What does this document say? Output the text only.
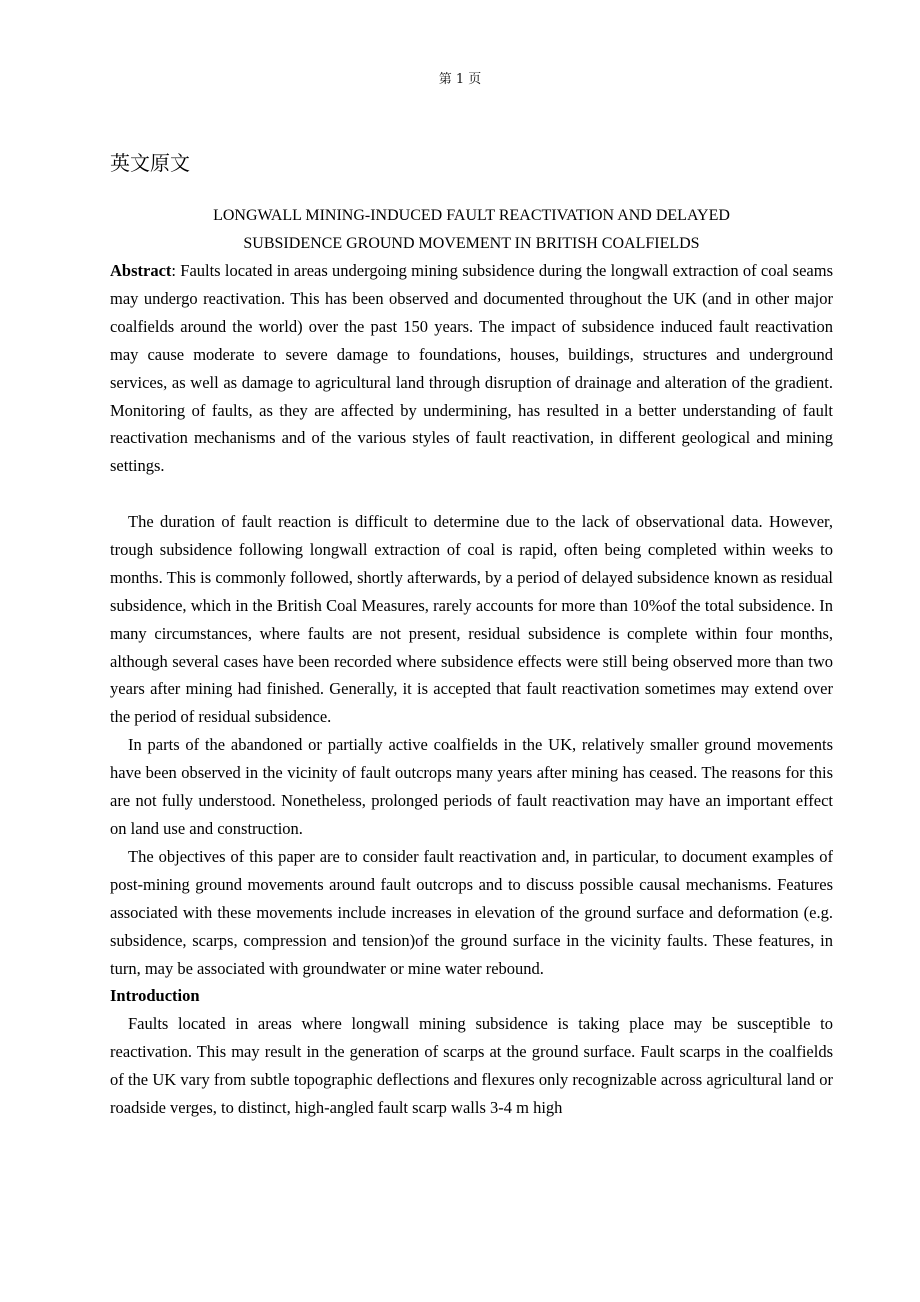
第 1 页
英文原文
LONGWALL MINING-INDUCED FAULT REACTIVATION AND DELAYED
SUBSIDENCE GROUND MOVEMENT IN BRITISH COALFIELDS

Abstract: Faults located in areas undergoing mining subsidence during the longwall extraction of coal seams may undergo reactivation. This has been observed and documented throughout the UK (and in other major coalfields around the world) over the past 150 years. The impact of subsidence induced fault reactivation may cause moderate to severe damage to foundations, houses, buildings, structures and underground services, as well as damage to agricultural land through disruption of drainage and alteration of the gradient. Monitoring of faults, as they are affected by undermining, has resulted in a better understanding of fault reactivation mechanisms and of the various styles of fault reactivation, in different geological and mining settings.

The duration of fault reaction is difficult to determine due to the lack of observational data. However, trough subsidence following longwall extraction of coal is rapid, often being completed within weeks to months. This is commonly followed, shortly afterwards, by a period of delayed subsidence known as residual subsidence, which in the British Coal Measures, rarely accounts for more than 10%of the total subsidence. In many circumstances, where faults are not present, residual subsidence is complete within four months, although several cases have been recorded where subsidence effects were still being observed more than two years after mining had finished. Generally, it is accepted that fault reactivation sometimes may extend over the period of residual subsidence.

In parts of the abandoned or partially active coalfields in the UK, relatively smaller ground movements have been observed in the vicinity of fault outcrops many years after mining has ceased. The reasons for this are not fully understood. Nonetheless, prolonged periods of fault reactivation may have an important effect on land use and construction.

The objectives of this paper are to consider fault reactivation and, in particular, to document examples of post-mining ground movements around fault outcrops and to discuss possible causal mechanisms. Features associated with these movements include increases in elevation of the ground surface and deformation (e.g. subsidence, scarps, compression and tension)of the ground surface in the vicinity faults. These features, in turn, may be associated with groundwater or mine water rebound.

Introduction

Faults located in areas where longwall mining subsidence is taking place may be susceptible to reactivation. This may result in the generation of scarps at the ground surface. Fault scarps in the coalfields of the UK vary from subtle topographic deflections and flexures only recognizable across agricultural land or roadside verges, to distinct, high-angled fault scarp walls 3-4 m high
